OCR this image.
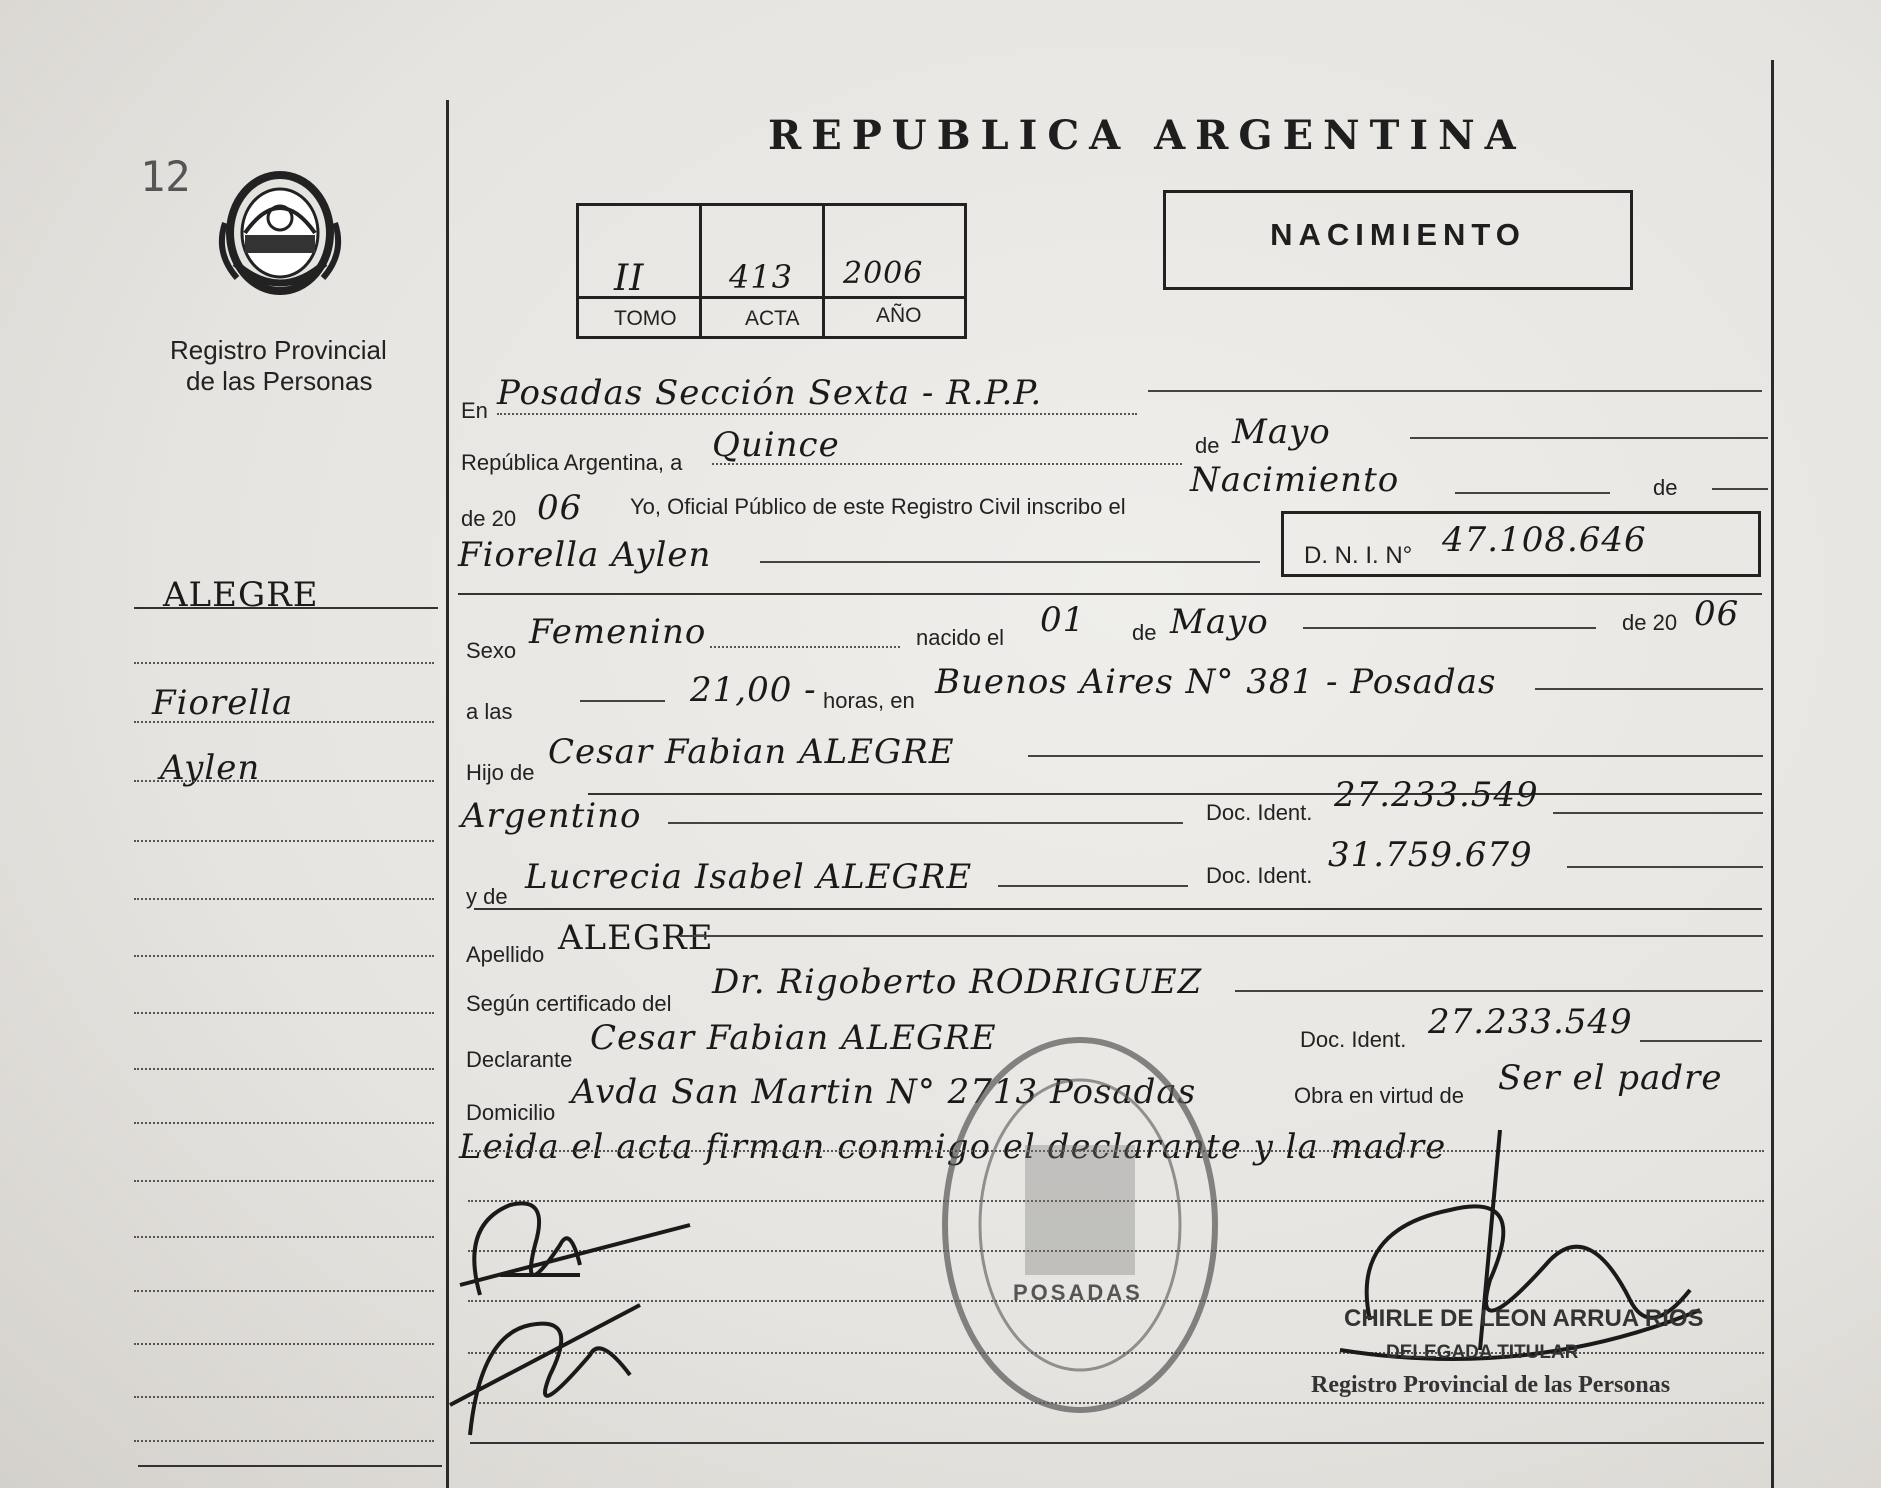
12
Registro Provincial
de las Personas
REPUBLICA ARGENTINA
II	413 2006
TOMO	ACTA	AÑO
NACIMIENTO
ALEGRE
Fiorella
Aylen
En Posadas Sección Sexta - R.P.P.
República Argentina, a Quince	de Mayo
de 20 06 Yo, Oficial Público de este Registro Civil inscribo el
Nacimiento	de
Fiorella Aylen	D. N. I. N° 47.108.646
Sexo Femenino	nacido el 01 de Mayo	de 20 06
a las
21,00 - horas, en Buenos Aires N° 381 - Posadas
Hijo de
Cesar Fabian ALEGRE
Argentino	Doc. Ident. 27.233.549
y de Lucrecia Isabel ALEGRE	Doc. Ident.
31.759.679
Apellido ALEGRE
Según certificado del
Dr. Rigoberto RODRIGUEZ
Declarante
Cesar Fabian ALEGRE	Doc. Ident. 27.233.549
Domicilio
Avda San Martin N° 2713 Posadas	Obra en virtud de Ser el padre
Leida el acta firman conmigo el declarante y la madre
POSADAS
CHIRLE DE LEON ARRUA RIOS
DELEGADA TITULAR
Registro Provincial de las Personas
